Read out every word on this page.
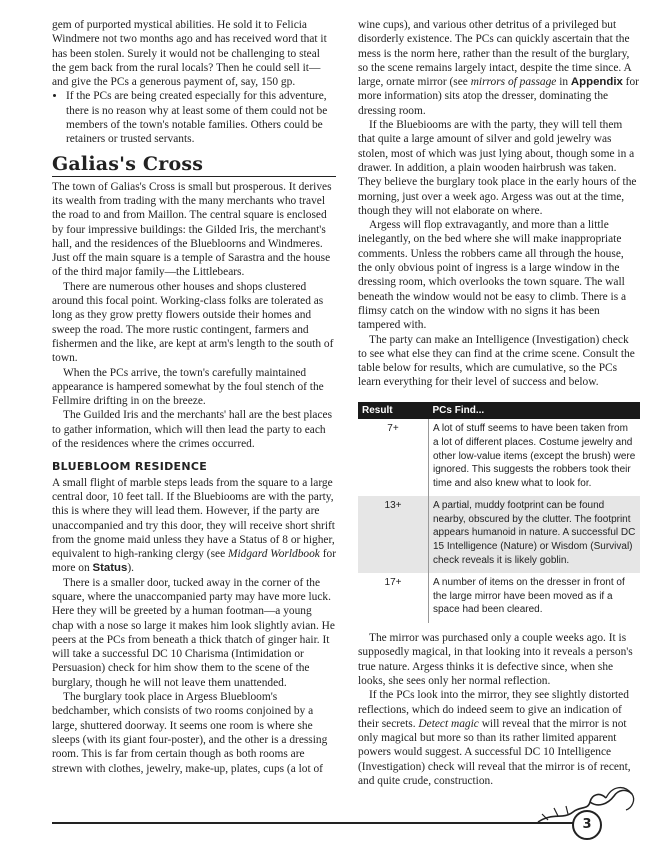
gem of purported mystical abilities. He sold it to Felicia Windmere not two months ago and has received word that it has been stolen. Surely it would not be challenging to steal the gem back from the rural locals? Then he could sell it—and give the PCs a generous payment of, say, 150 gp.

• If the PCs are being created especially for this adventure, there is no reason why at least some of them could not be members of the town's notable families. Others could be retainers or trusted servants.
Galias's Cross

The town of Galias's Cross is small but prosperous. It derives its wealth from trading with the many merchants who travel the road to and from Maillon. The central square is enclosed by four impressive buildings: the Gilded Iris, the merchant's hall, and the residences of the Bluebloorns and Windmeres. Just off the main square is a temple of Sarastra and the house of the third major family—the Littlebears.

There are numerous other houses and shops clustered around this focal point. Working-class folks are tolerated as long as they grow pretty flowers outside their homes and sweep the road. The more rustic contingent, farmers and fishermen and the like, are kept at arm's length to the south of town.

When the PCs arrive, the town's carefully maintained appearance is hampered somewhat by the foul stench of the Fellmire drifting in on the breeze.

The Guilded Iris and the merchants' hall are the best places to gather information, which will then lead the party to each of the residences where the crimes occurred.

BLUEBLOOM RESIDENCE

A small flight of marble steps leads from the square to a large central door, 10 feet tall. If the Bluebiooms are with the party, this is where they will lead them. However, if the party are unaccompanied and try this door, they will receive short shrift from the gnome maid unless they have a Status of 8 or higher, equivalent to high-ranking clergy (see Midgard Worldbook for more on Status).

There is a smaller door, tucked away in the corner of the square, where the unaccompanied party may have more luck. Here they will be greeted by a human footman—a young chap with a nose so large it makes him look slightly avian. He peers at the PCs from beneath a thick thatch of ginger hair. It will take a successful DC 10 Charisma (Intimidation or Persuasion) check for him show them to the scene of the burglary, though he will not leave them unattended.

The burglary took place in Argess Bluebloom's bedchamber, which consists of two rooms conjoined by a large, shuttered doorway. It seems one room is where she sleeps (with its giant four-poster), and the other is a dressing room. This is far from certain though as both rooms are strewn with clothes, jewelry, make-up, plates, cups (a lot of

wine cups), and various other detritus of a privileged but disorderly existence. The PCs can quickly ascertain that the mess is the norm here, rather than the result of the burglary, so the scene remains largely intact, despite the time since. A large, ornate mirror (see mirrors of passage in Appendix for more information) sits atop the dresser, dominating the dressing room.

If the Bluebiooms are with the party, they will tell them that quite a large amount of silver and gold jewelry was stolen, most of which was just lying about, though some in a drawer. In addition, a plain wooden hairbrush was taken. They believe the burglary took place in the early hours of the morning, just over a week ago. Argess was out at the time, though they will not elaborate on where.

Argess will flop extravagantly, and more than a little inelegantly, on the bed where she will make inappropriate comments. Unless the robbers came all through the house, the only obvious point of ingress is a large window in the dressing room, which overlooks the town square. The wall beneath the window would not be easy to climb. There is a flimsy catch on the window with no signs it has been tampered with.

The party can make an Intelligence (Investigation) check to see what else they can find at the crime scene. Consult the table below for results, which are cumulative, so the PCs learn everything for their level of success and below.

Result	PCs Find...
7+	A lot of stuff seems to have been taken from a lot of different places. Costume jewelry and other low-value items (except the brush) were ignored. This suggests the robbers took their time and also knew what to look for.
13+	A partial, muddy footprint can be found nearby, obscured by the clutter. The footprint appears humanoid in nature. A successful DC 15 Intelligence (Nature) or Wisdom (Survival) check reveals it is likely goblin.
17+	A number of items on the dresser in front of the large mirror have been moved as if a space had been cleared.

The mirror was purchased only a couple weeks ago. It is supposedly magical, in that looking into it reveals a person's true nature. Argess thinks it is defective since, when she looks, she sees only her normal reflection.

If the PCs look into the mirror, they see slightly distorted reflections, which do indeed seem to give an indication of their secrets. Detect magic will reveal that the mirror is not only magical but more so than its rather limited apparent powers would suggest. A successful DC 10 Intelligence (Investigation) check will reveal that the mirror is of recent, and quite crude, construction.

3
